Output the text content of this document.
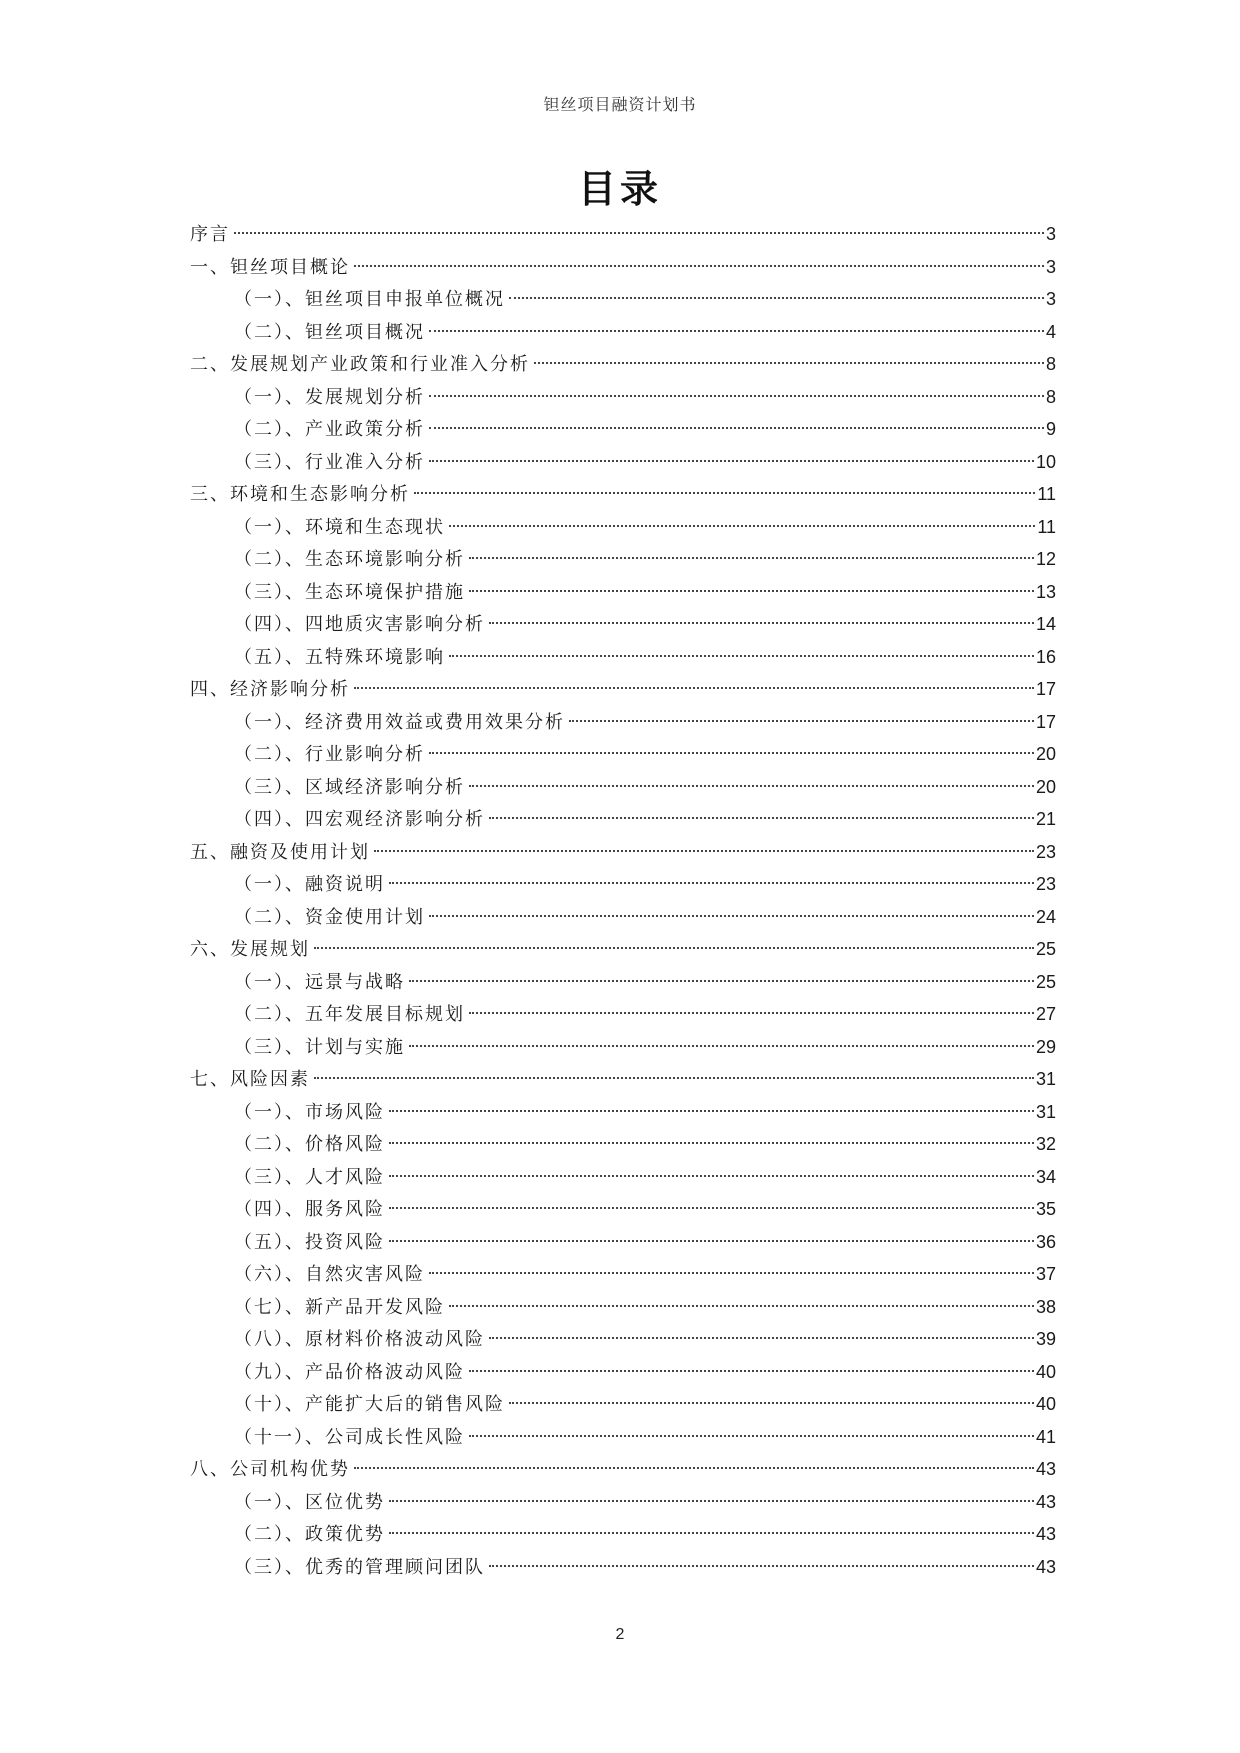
钽丝项目融资计划书
目录
序言	3
一、钽丝项目概论	3
（一）、钽丝项目申报单位概况	3
（二）、钽丝项目概况	4
二、发展规划产业政策和行业准入分析	8
（一）、发展规划分析	8
（二）、产业政策分析	9
（三）、行业准入分析	10
三、环境和生态影响分析	11
（一）、环境和生态现状	11
（二）、生态环境影响分析	12
（三）、生态环境保护措施	13
（四）、四地质灾害影响分析	14
（五）、五特殊环境影响	16
四、经济影响分析	17
（一）、经济费用效益或费用效果分析	17
（二）、行业影响分析	20
（三）、区域经济影响分析	20
（四）、四宏观经济影响分析	21
五、融资及使用计划	23
（一）、融资说明	23
（二）、资金使用计划	24
六、发展规划	25
（一）、远景与战略	25
（二）、五年发展目标规划	27
（三）、计划与实施	29
七、风险因素	31
（一）、市场风险	31
（二）、价格风险	32
（三）、人才风险	34
（四）、服务风险	35
（五）、投资风险	36
（六）、自然灾害风险	37
（七）、新产品开发风险	38
（八）、原材料价格波动风险	39
（九）、产品价格波动风险	40
（十）、产能扩大后的销售风险	40
（十一）、公司成长性风险	41
八、公司机构优势	43
（一）、区位优势	43
（二）、政策优势	43
（三）、优秀的管理顾问团队	43
2
